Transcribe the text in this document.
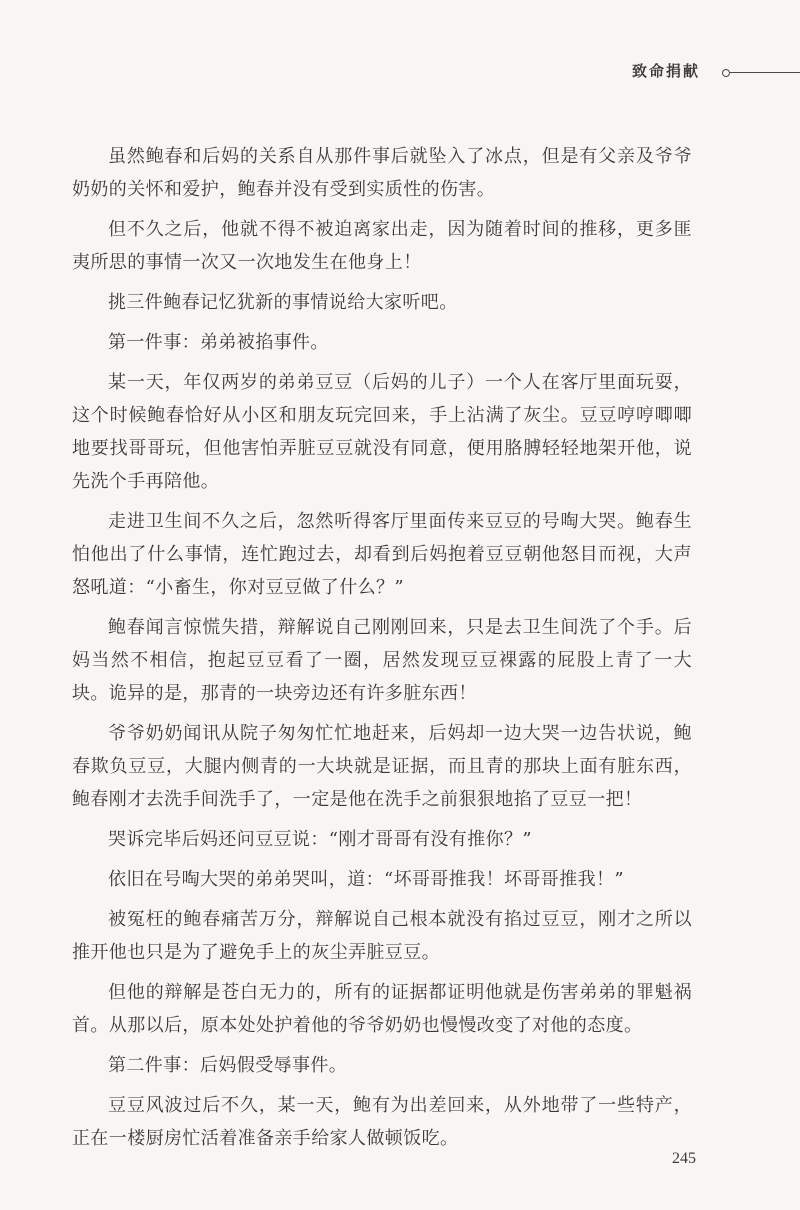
致命捐献

虽然鲍春和后妈的关系自从那件事后就坠入了冰点，但是有父亲及爷爷奶奶的关怀和爱护，鲍春并没有受到实质性的伤害。

但不久之后，他就不得不被迫离家出走，因为随着时间的推移，更多匪夷所思的事情一次又一次地发生在他身上！

挑三件鲍春记忆犹新的事情说给大家听吧。

第一件事：弟弟被掐事件。

某一天，年仅两岁的弟弟豆豆（后妈的儿子）一个人在客厅里面玩耍，这个时候鲍春恰好从小区和朋友玩完回来，手上沾满了灰尘。豆豆哼哼唧唧地要找哥哥玩，但他害怕弄脏豆豆就没有同意，便用胳膊轻轻地架开他，说先洗个手再陪他。

走进卫生间不久之后，忽然听得客厅里面传来豆豆的号啕大哭。鲍春生怕他出了什么事情，连忙跑过去，却看到后妈抱着豆豆朝他怒目而视，大声怒吼道：“小畜生，你对豆豆做了什么？”

鲍春闻言惊慌失措，辩解说自己刚刚回来，只是去卫生间洗了个手。后妈当然不相信，抱起豆豆看了一圈，居然发现豆豆裸露的屁股上青了一大块。诡异的是，那青的一块旁边还有许多脏东西！

爷爷奶奶闻讯从院子匆匆忙忙地赶来，后妈却一边大哭一边告状说，鲍春欺负豆豆，大腿内侧青的一大块就是证据，而且青的那块上面有脏东西，鲍春刚才去洗手间洗手了，一定是他在洗手之前狠狠地掐了豆豆一把！

哭诉完毕后妈还问豆豆说：“刚才哥哥有没有推你？”

依旧在号啕大哭的弟弟哭叫，道：“坏哥哥推我！坏哥哥推我！”

被冤枉的鲍春痛苦万分，辩解说自己根本就没有掐过豆豆，刚才之所以推开他也只是为了避免手上的灰尘弄脏豆豆。

但他的辩解是苍白无力的，所有的证据都证明他就是伤害弟弟的罪魁祸首。从那以后，原本处处护着他的爷爷奶奶也慢慢改变了对他的态度。

第二件事：后妈假受辱事件。

豆豆风波过后不久，某一天，鲍有为出差回来，从外地带了一些特产，正在一楼厨房忙活着准备亲手给家人做顿饭吃。

245
